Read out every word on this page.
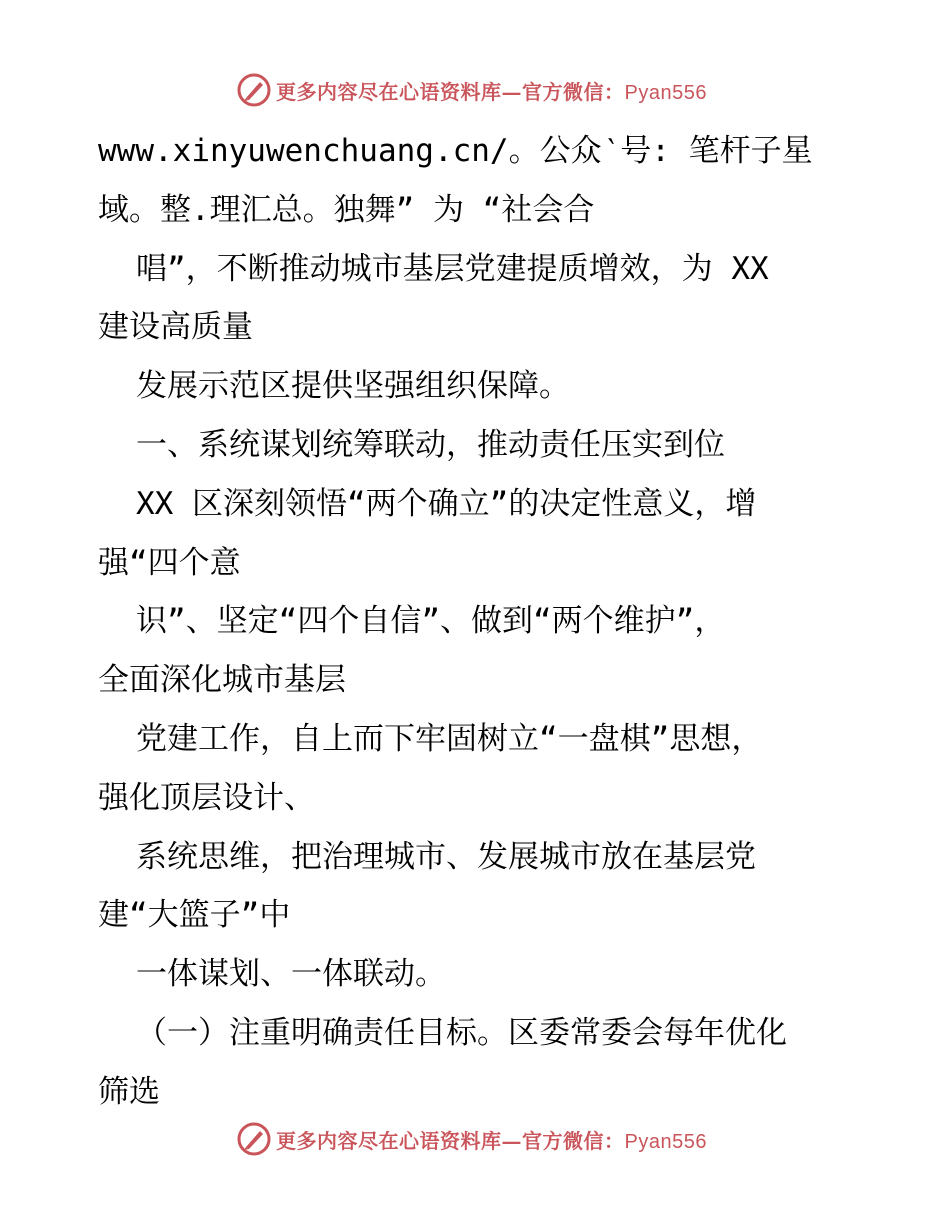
更多内容尽在心语资料库—官方微信：Pyan556
www.xinyuwenchuang.cn/。公众‵号: 笔杆子星
域。整.理汇总。独舞” 为 “社会合
唱”，不断推动城市基层党建提质增效，为 XX
建设高质量
发展示范区提供坚强组织保障。
一、系统谋划统筹联动，推动责任压实到位
XX 区深刻领悟“两个确立”的决定性意义，增
强“四个意
识”、坚定“四个自信”、做到“两个维护”，
全面深化城市基层
党建工作，自上而下牢固树立“一盘棋”思想，
强化顶层设计、
系统思维，把治理城市、发展城市放在基层党
建“大篮子”中
一体谋划、一体联动。
（一）注重明确责任目标。区委常委会每年优化
筛选
更多内容尽在心语资料库—官方微信：Pyan556
